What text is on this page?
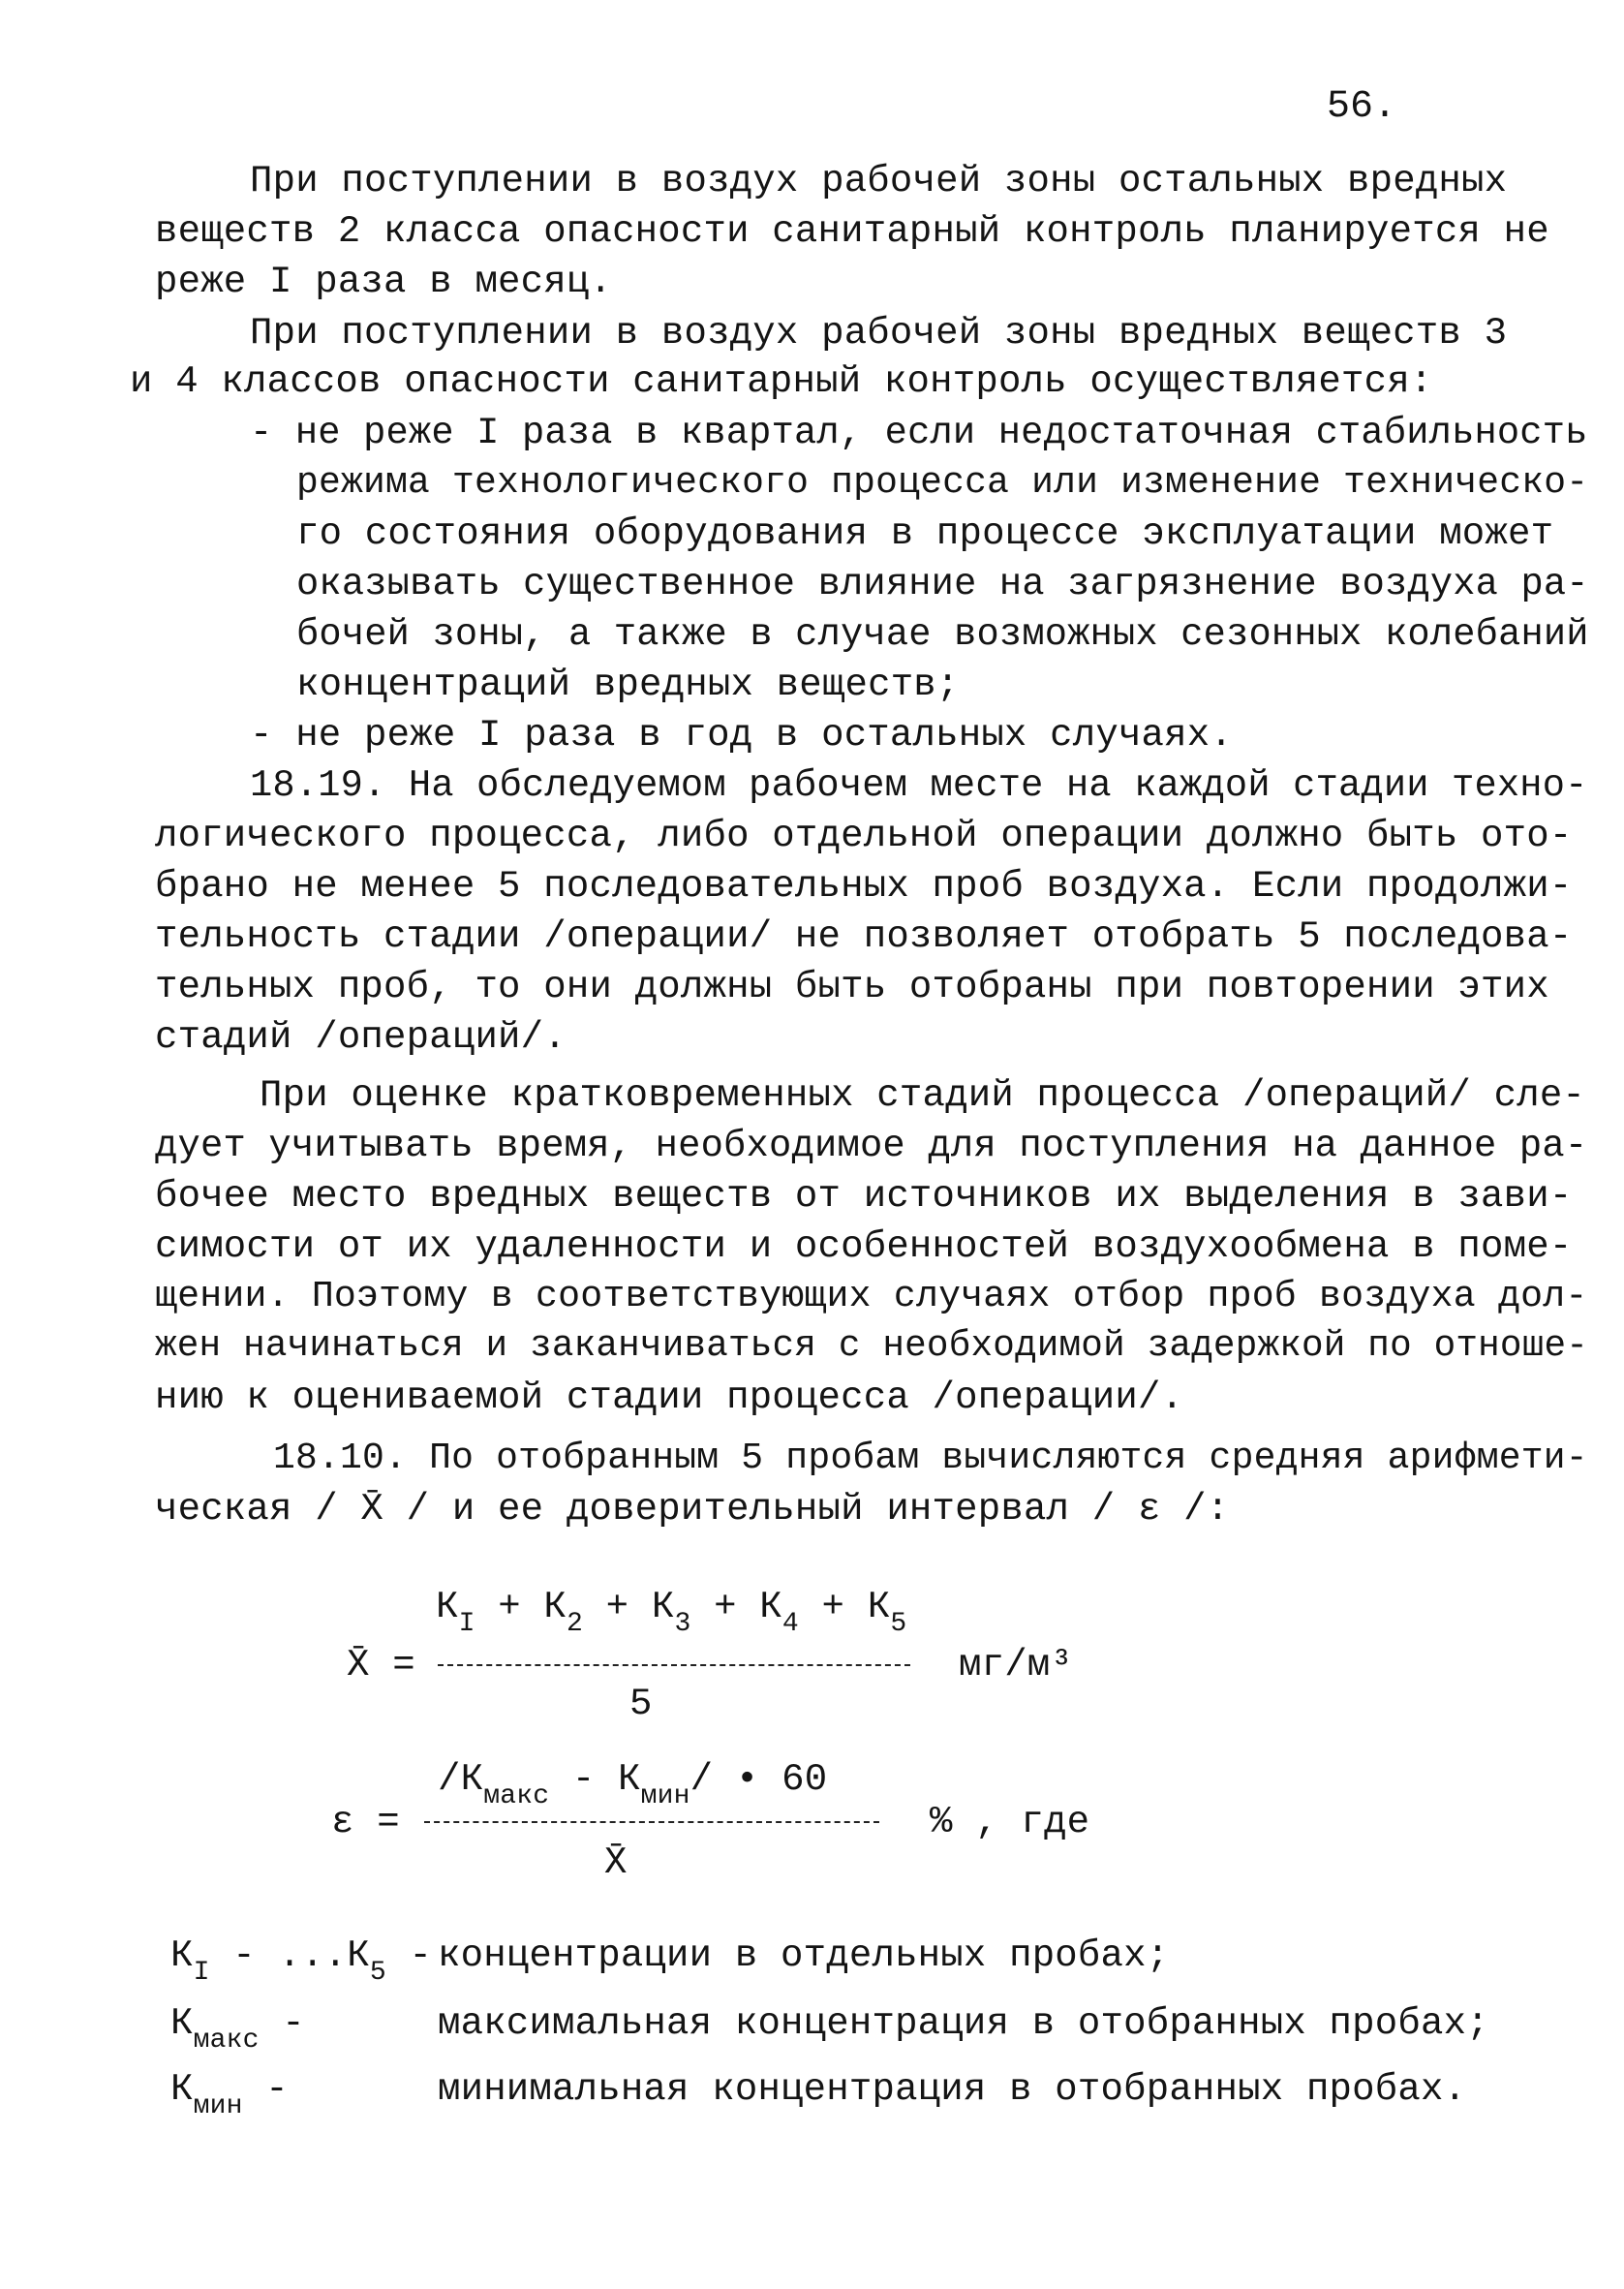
56.
При поступлении в воздух рабочей зоны остальных вредных
веществ 2 класса опасности санитарный контроль планируется не
реже I раза в месяц.
При поступлении в воздух рабочей зоны вредных веществ 3
и 4 классов опасности санитарный контроль осуществляется:
- не реже I раза в квартал, если недостаточная стабильность
режима технологического процесса или изменение техническо-
го состояния оборудования в процессе эксплуатации может
оказывать существенное влияние на загрязнение воздуха ра-
бочей зоны, а также в случае возможных сезонных колебаний
концентраций вредных веществ;
- не реже I раза в год в остальных случаях.
18.19. На обследуемом рабочем месте на каждой стадии техно-
логического процесса, либо отдельной операции должно быть ото-
брано не менее 5 последовательных проб воздуха. Если продолжи-
тельность стадии /операции/ не позволяет отобрать 5 последова-
тельных проб, то они должны быть отобраны при повторении этих
стадий /операций/.
При оценке кратковременных стадий процесса /операций/ сле-
дует учитывать время, необходимое для поступления на данное ра-
бочее место вредных веществ от источников их выделения в зави-
симости от их удаленности и особенностей воздухообмена в поме-
щении. Поэтому в соответствующих случаях отбор проб воздуха дол-
жен начинаться и заканчиваться с необходимой задержкой по отноше-
нию к оцениваемой стадии процесса /операции/.
18.10. По отобранным 5 пробам вычисляются средняя арифмети-
ческая / X̄ / и ее доверительный интервал / ε /:
X̄ =
$К_I + К_2 + К_3 + К_4 + К_5$
5
мг/м³
ε =
$/К_{макс} - К_{мин}/$ • 60
X̄
% , где
$К_I - ...К_5$ - концентрации в отдельных пробах;
$К_{макс}$ -	максимальная концентрация в отобранных пробах;
$К_{мин}$ -	минимальная концентрация в отобранных пробах.
